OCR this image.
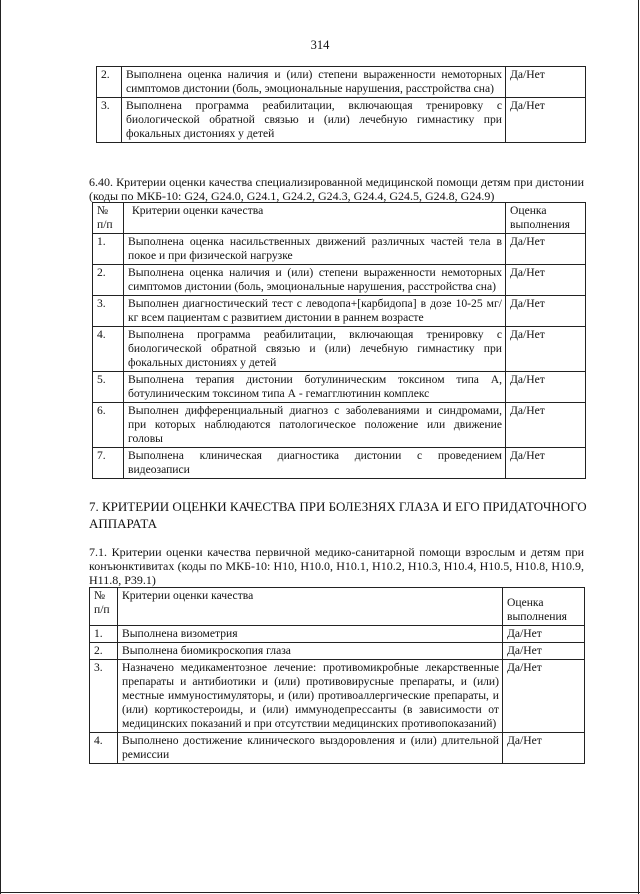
314
2.	Выполнена оценка наличия и (или) степени выраженности немоторных симптомов дистонии (боль, эмоциональные нарушения, расстройства сна)	Да/Нет
3.	Выполнена программа реабилитации, включающая тренировку с биологической обратной связью и (или) лечебную гимнастику при фокальных дистониях у детей	Да/Нет
6.40. Критерии оценки качества специализированной медицинской помощи детям при дистонии (коды по МКБ-10: G24, G24.0, G24.1, G24.2, G24.3, G24.4, G24.5, G24.8, G24.9)
№ п/п	Критерии оценки качества	Оценка выполнения
1.	Выполнена оценка насильственных движений различных частей тела в покое и при физической нагрузке	Да/Нет
2.	Выполнена оценка наличия и (или) степени выраженности немоторных симптомов дистонии (боль, эмоциональные нарушения, расстройства сна)	Да/Нет
3.	Выполнен диагностический тест с леводопа+[карбидопа] в дозе 10-25 мг/кг всем пациентам с развитием дистонии в раннем возрасте	Да/Нет
4.	Выполнена программа реабилитации, включающая тренировку с биологической обратной связью и (или) лечебную гимнастику при фокальных дистониях у детей	Да/Нет
5.	Выполнена терапия дистонии ботулиническим токсином типа А, ботулиническим токсином типа А - гемагглютинин комплекс	Да/Нет
6.	Выполнен дифференциальный диагноз с заболеваниями и синдромами, при которых наблюдаются патологическое положение или движение головы	Да/Нет
7.	Выполнена клиническая диагностика дистонии с проведением видеозаписи	Да/Нет
7. КРИТЕРИИ ОЦЕНКИ КАЧЕСТВА ПРИ БОЛЕЗНЯХ ГЛАЗА И ЕГО ПРИДАТОЧНОГО АППАРАТА
7.1. Критерии оценки качества первичной медико-санитарной помощи взрослым и детям при конъюнктивитах (коды по МКБ-10: H10, H10.0, H10.1, H10.2, H10.3, H10.4, H10.5, H10.8, H10.9, H11.8, P39.1)
№ п/п	Критерии оценки качества	Оценка выполнения
1.	Выполнена визометрия	Да/Нет
2.	Выполнена биомикроскопия глаза	Да/Нет
3.	Назначено медикаментозное лечение: противомикробные лекарственные препараты и антибиотики и (или) противовирусные препараты, и (или) местные иммуностимуляторы, и (или) противоаллергические препараты, и (или) кортикостероиды, и (или) иммунодепрессанты (в зависимости от медицинских показаний и при отсутствии медицинских противопоказаний)	Да/Нет
4.	Выполнено достижение клинического выздоровления и (или) длительной ремиссии	Да/Нет
